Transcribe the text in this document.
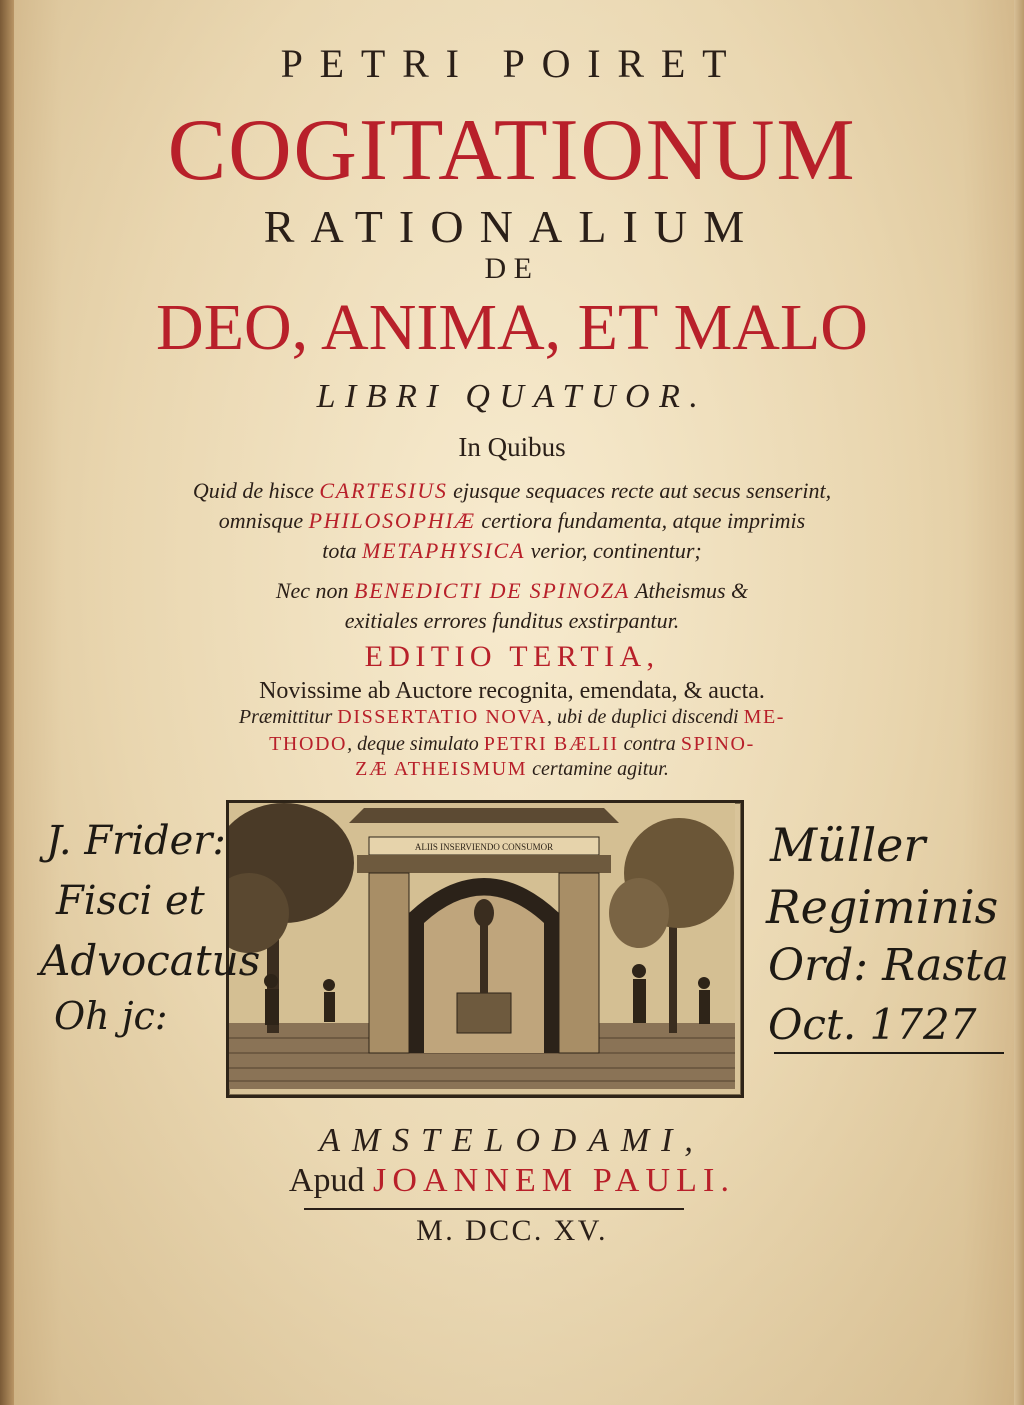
PETRI POIRET
COGITATIONUM
RATIONALIUM
DE
DEO, ANIMA, ET MALO
LIBRI QUATUOR.
In Quibus
Quid de hisce CARTESIUS ejusque sequaces recte aut secus senserint,
omnisque PHILOSOPHIÆ certiora fundamenta, atque imprimis
tota METAPHYSICA verior, continentur;
Nec non BENEDICTI DE SPINOZA Atheismus &
exitiales errores funditus exstirpantur.
EDITIO TERTIA,
Novissime ab Auctore recognita, emendata, & aucta.
Præmittitur DISSERTATIO NOVA, ubi de duplici discendi ME-
THODO, deque simulato PETRI BÆLII contra SPINO-
ZÆ ATHEISMUM certamine agitur.
ALIIS INSERVIENDO CONSUMOR
J. Frider:
Fisci et
Advocatus
Oh jc:
Müller
Regiminis
Ord: Rasta
Oct. 1727
AMSTELODAMI,
Apud JOANNEM PAULI.
M. DCC. XV.
